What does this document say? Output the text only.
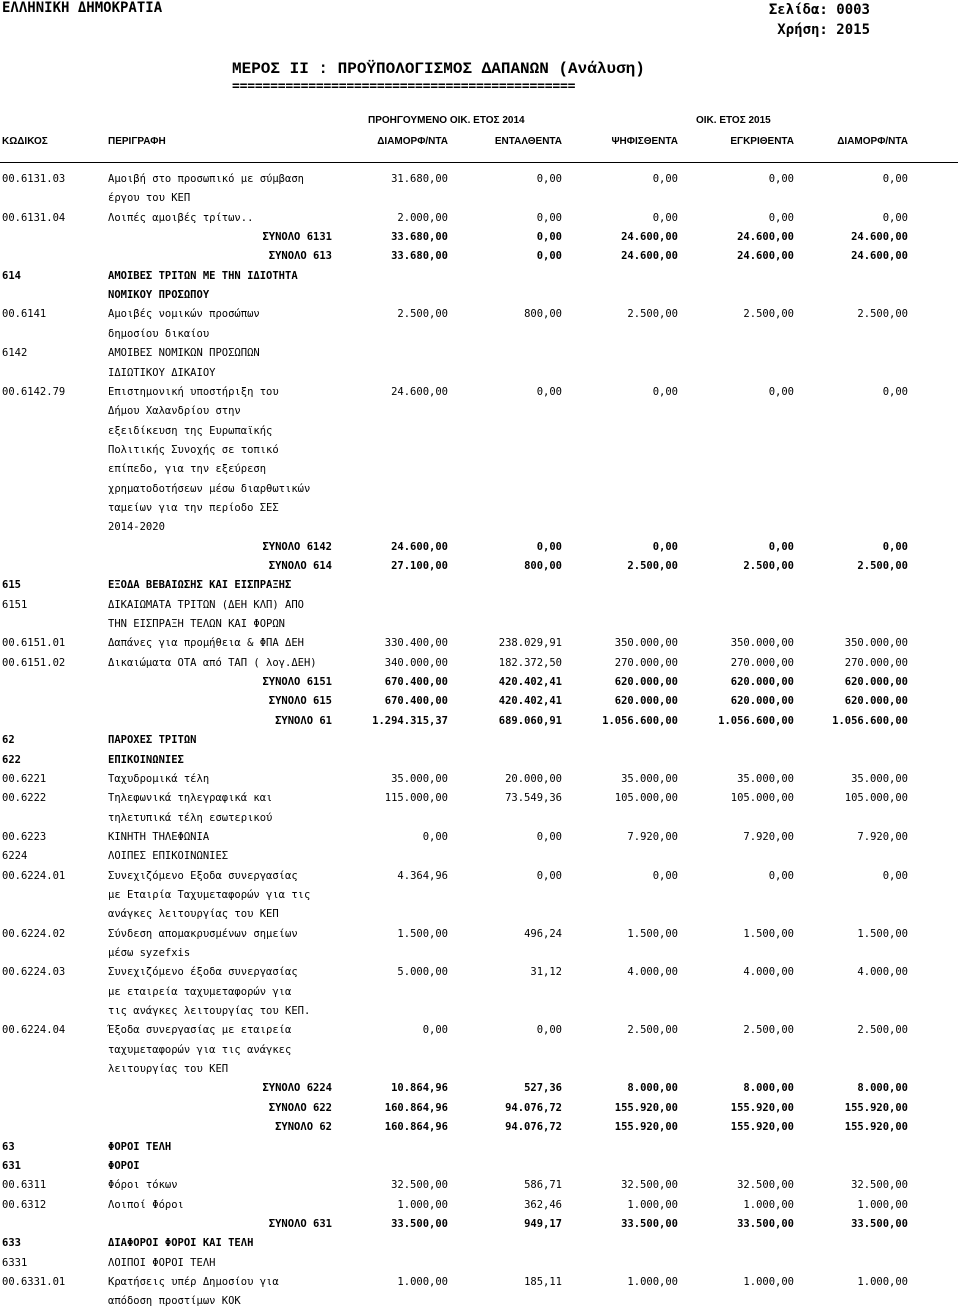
ΕΛΛΗΝΙΚΗ ΔΗΜΟΚΡΑΤΙΑ	Σελίδα: 0003
Χρήση: 2015
ΜΕΡΟΣ ΙΙ : ΠΡΟΫΠΟΛΟΓΙΣΜΟΣ ΔΑΠΑΝΩΝ (Ανάλυση)
=============================================
ΠΡΟΗΓΟΥΜΕΝΟ ΟΙΚ. ΕΤΟΣ 2014	ΟΙΚ. ΕΤΟΣ 2015
ΚΩΔΙΚΟΣ	ΠΕΡΙΓΡΑΦΗ	ΔΙΑΜΟΡΦ/ΝΤΑ	ΕΝΤΑΛΘΕΝΤΑ	ΨΗΦΙΣΘΕΝΤΑ	ΕΓΚΡΙΘΕΝΤΑ	ΔΙΑΜΟΡΦ/ΝΤΑ
00.6131.03	Αμοιβή στο προσωπικό με σύμβαση	31.680,00	0,00	0,00	0,00	0,00
έργου του ΚΕΠ
00.6131.04	Λοιπές αμοιβές τρίτων..	2.000,00	0,00	0,00	0,00	0,00
ΣΥΝΟΛΟ 6131	33.680,00	0,00	24.600,00	24.600,00	24.600,00
ΣΥΝΟΛΟ 613	33.680,00	0,00	24.600,00	24.600,00	24.600,00
614	ΑΜΟΙΒΕΣ ΤΡΙΤΩΝ ΜΕ ΤΗΝ ΙΔΙΟΤΗΤΑ
ΝΟΜΙΚΟΥ ΠΡΟΣΩΠΟΥ
00.6141	Αμοιβές νομικών προσώπων	2.500,00	800,00	2.500,00	2.500,00	2.500,00
δημοσίου δικαίου
6142	ΑΜΟΙΒΕΣ ΝΟΜΙΚΩΝ ΠΡΟΣΩΠΩΝ
ΙΔΙΩΤΙΚΟΥ ΔΙΚΑΙΟΥ
00.6142.79	Επιστημονική υποστήριξη του	24.600,00	0,00	0,00	0,00	0,00
Δήμου Χαλανδρίου στην
εξειδίκευση της Ευρωπαϊκής
Πολιτικής Συνοχής σε τοπικό
επίπεδο, για την εξεύρεση
χρηματοδοτήσεων μέσω διαρθωτικών
ταμείων για την περίοδο ΣΕΣ
2014-2020
ΣΥΝΟΛΟ 6142	24.600,00	0,00	0,00	0,00	0,00
ΣΥΝΟΛΟ 614	27.100,00	800,00	2.500,00	2.500,00	2.500,00
615	ΕΞΟΔΑ ΒΕΒΑΙΩΣΗΣ ΚΑΙ ΕΙΣΠΡΑΞΗΣ
6151	ΔΙΚΑΙΩΜΑΤΑ ΤΡΙΤΩΝ (ΔΕΗ ΚΛΠ) ΑΠΟ
ΤΗΝ ΕΙΣΠΡΑΞΗ ΤΕΛΩΝ ΚΑΙ ΦΟΡΩΝ
00.6151.01	Δαπάνες για προμήθεια & ΦΠΑ ΔΕΗ	330.400,00	238.029,91	350.000,00	350.000,00	350.000,00
00.6151.02	Δικαιώματα ΟΤΑ από ΤΑΠ ( λογ.ΔΕΗ)	340.000,00	182.372,50	270.000,00	270.000,00	270.000,00
ΣΥΝΟΛΟ 6151	670.400,00	420.402,41	620.000,00	620.000,00	620.000,00
ΣΥΝΟΛΟ 615	670.400,00	420.402,41	620.000,00	620.000,00	620.000,00
ΣΥΝΟΛΟ 61	1.294.315,37	689.060,91	1.056.600,00	1.056.600,00	1.056.600,00
62	ΠΑΡΟΧΕΣ ΤΡΙΤΩΝ
622	ΕΠΙΚΟΙΝΩΝΙΕΣ
00.6221	Ταχυδρομικά τέλη	35.000,00	20.000,00	35.000,00	35.000,00	35.000,00
00.6222	Τηλεφωνικά τηλεγραφικά και	115.000,00	73.549,36	105.000,00	105.000,00	105.000,00
τηλετυπικά τέλη εσωτερικού
00.6223	ΚΙΝΗΤΗ ΤΗΛΕΦΩΝΙΑ	0,00	0,00	7.920,00	7.920,00	7.920,00
6224	ΛΟΙΠΕΣ ΕΠΙΚΟΙΝΩΝΙΕΣ
00.6224.01	Συνεχιζόμενο Εξοδα συνεργασίας	4.364,96	0,00	0,00	0,00	0,00
με Εταιρία Ταχυμεταφορών για τις
ανάγκες λειτουργίας του ΚΕΠ
00.6224.02	Σύνδεση απομακρυσμένων σημείων	1.500,00	496,24	1.500,00	1.500,00	1.500,00
μέσω syzefxis
00.6224.03	Συνεχιζόμενο έξοδα συνεργασίας	5.000,00	31,12	4.000,00	4.000,00	4.000,00
με εταιρεία ταχυμεταφορών για
τις ανάγκες λειτουργίας του ΚΕΠ.
00.6224.04	Έξοδα συνεργασίας με εταιρεία	0,00	0,00	2.500,00	2.500,00	2.500,00
ταχυμεταφορών για τις ανάγκες
λειτουργίας του ΚΕΠ
ΣΥΝΟΛΟ 6224	10.864,96	527,36	8.000,00	8.000,00	8.000,00
ΣΥΝΟΛΟ 622	160.864,96	94.076,72	155.920,00	155.920,00	155.920,00
ΣΥΝΟΛΟ 62	160.864,96	94.076,72	155.920,00	155.920,00	155.920,00
63	ΦΟΡΟΙ ΤΕΛΗ
631	ΦΟΡΟΙ
00.6311	Φόροι τόκων	32.500,00	586,71	32.500,00	32.500,00	32.500,00
00.6312	Λοιποί Φόροι	1.000,00	362,46	1.000,00	1.000,00	1.000,00
ΣΥΝΟΛΟ 631	33.500,00	949,17	33.500,00	33.500,00	33.500,00
633	ΔΙΑΦΟΡΟΙ ΦΟΡΟΙ ΚΑΙ ΤΕΛΗ
6331	ΛΟΙΠΟΙ ΦΟΡΟΙ ΤΕΛΗ
00.6331.01	Κρατήσεις υπέρ Δημοσίου για	1.000,00	185,11	1.000,00	1.000,00	1.000,00
απόδοση προστίμων ΚΟΚ
